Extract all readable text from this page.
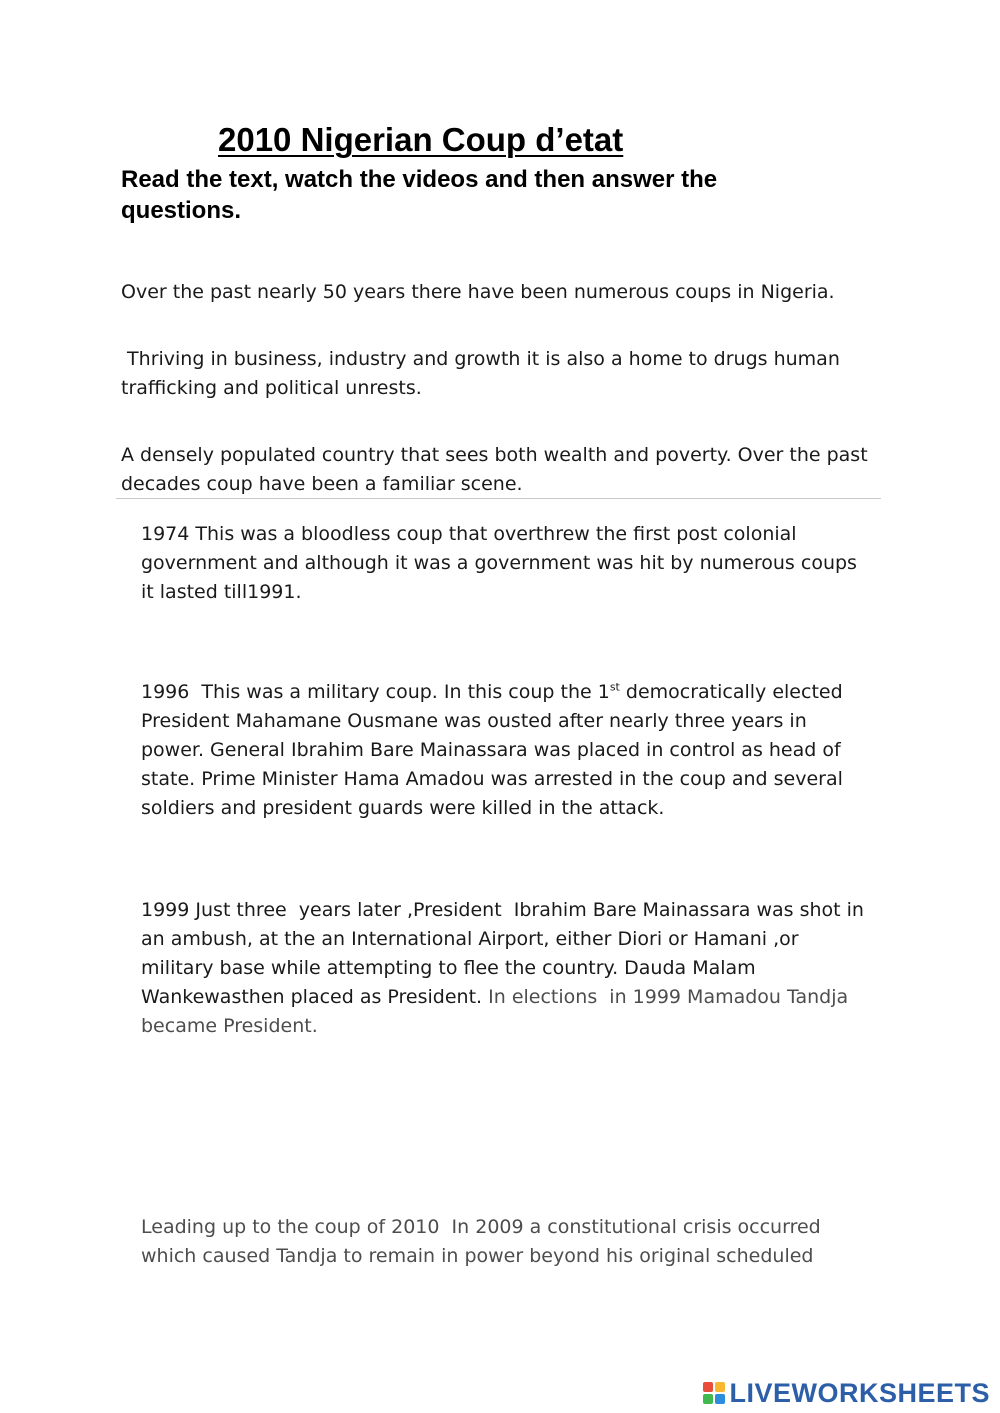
2010 Nigerian Coup d’etat
Read the text, watch the videos and then answer the questions.

Over the past nearly 50 years there have been numerous coups in Nigeria.

Thriving in business, industry and growth it is also a home to drugs human trafficking and political unrests.

A densely populated country that sees both wealth and poverty. Over the past decades coup have been a familiar scene.

1974 This was a bloodless coup that overthrew the first post colonial government and although it was a government was hit by numerous coups it lasted till1991.

1996  This was a military coup. In this coup the 1st democratically elected President Mahamane Ousmane was ousted after nearly three years in power. General Ibrahim Bare Mainassara was placed in control as head of state. Prime Minister Hama Amadou was arrested in the coup and several soldiers and president guards were killed in the attack.

1999 Just three  years later ,President  Ibrahim Bare Mainassara was shot in an ambush, at the an International Airport, either Diori or Hamani ,or military base while attempting to flee the country. Dauda Malam Wankewasthen placed as President. In elections  in 1999 Mamadou Tandja became President.

Leading up to the coup of 2010  In 2009 a constitutional crisis occurred which caused Tandja to remain in power beyond his original scheduled

LIVEWORKSHEETS
